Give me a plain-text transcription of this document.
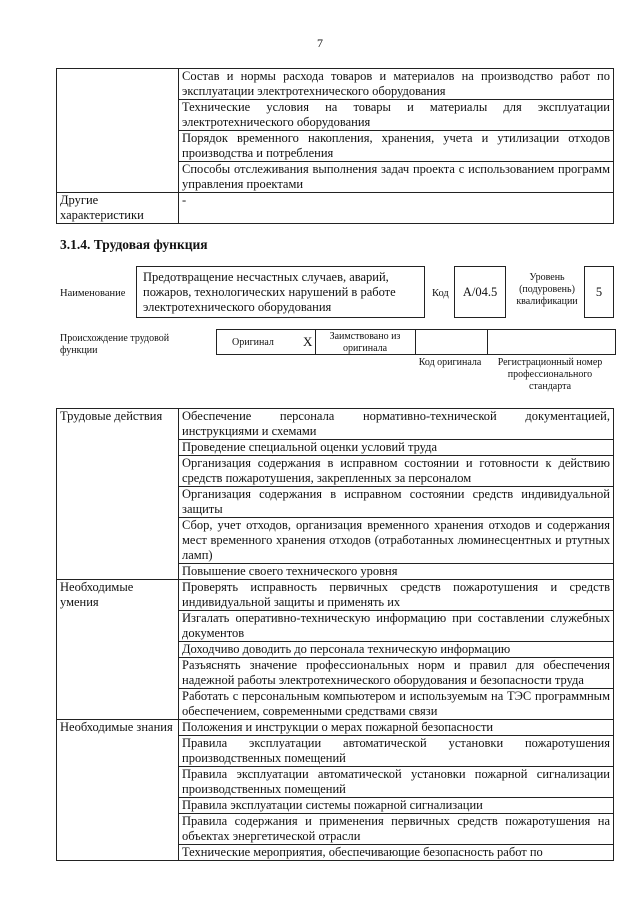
7
	Состав и нормы расхода товаров и материалов на производство работ по эксплуатации электротехнического оборудования
	Технические условия на товары и материалы для эксплуатации электротехнического оборудования
	Порядок временного накопления, хранения, учета и утилизации отходов производства и потребления
	Способы отслеживания выполнения задач проекта с использованием программ управления проектами
Другие характеристики	-
3.1.4. Трудовая функция
Наименование
Предотвращение несчастных случаев, аварий, пожаров, технологических нарушений в работе электротехнического оборудования
Код	А/04.5
Уровень (подуровень) квалификации
5
Происхождение трудовой функции
Оригинал X	Заимствовано из оригинала
Код оригинала	Регистрационный номер профессионального стандарта
Трудовые действия	Обеспечение персонала нормативно-технической документацией, инструкциями и схемами
	Проведение специальной оценки условий труда
	Организация содержания в исправном состоянии и готовности к действию средств пожаротушения, закрепленных за персоналом
	Организация содержания в исправном состоянии средств индивидуальной защиты
	Сбор, учет отходов, организация временного хранения отходов и содержания мест временного хранения отходов (отработанных люминесцентных и ртутных ламп)
	Повышение своего технического уровня
Необходимые умения	Проверять исправность первичных средств пожаротушения и средств индивидуальной защиты и применять их
	Изгалать оперативно-техническую информацию при составлении служебных документов
	Доходчиво доводить до персонала техническую информацию
	Разъяснять значение профессиональных норм и правил для обеспечения надежной работы электротехнического оборудования и безопасности труда
	Работать с персональным компьютером и используемым на ТЭС программным обеспечением, современными средствами связи
Необходимые знания	Положения и инструкции о мерах пожарной безопасности
	Правила эксплуатации автоматической установки пожаротушения производственных помещений
	Правила эксплуатации автоматической установки пожарной сигнализации производственных помещений
	Правила эксплуатации системы пожарной сигнализации
	Правила содержания и применения первичных средств пожаротушения на объектах энергетической отрасли
	Технические мероприятия, обеспечивающие безопасность работ по
